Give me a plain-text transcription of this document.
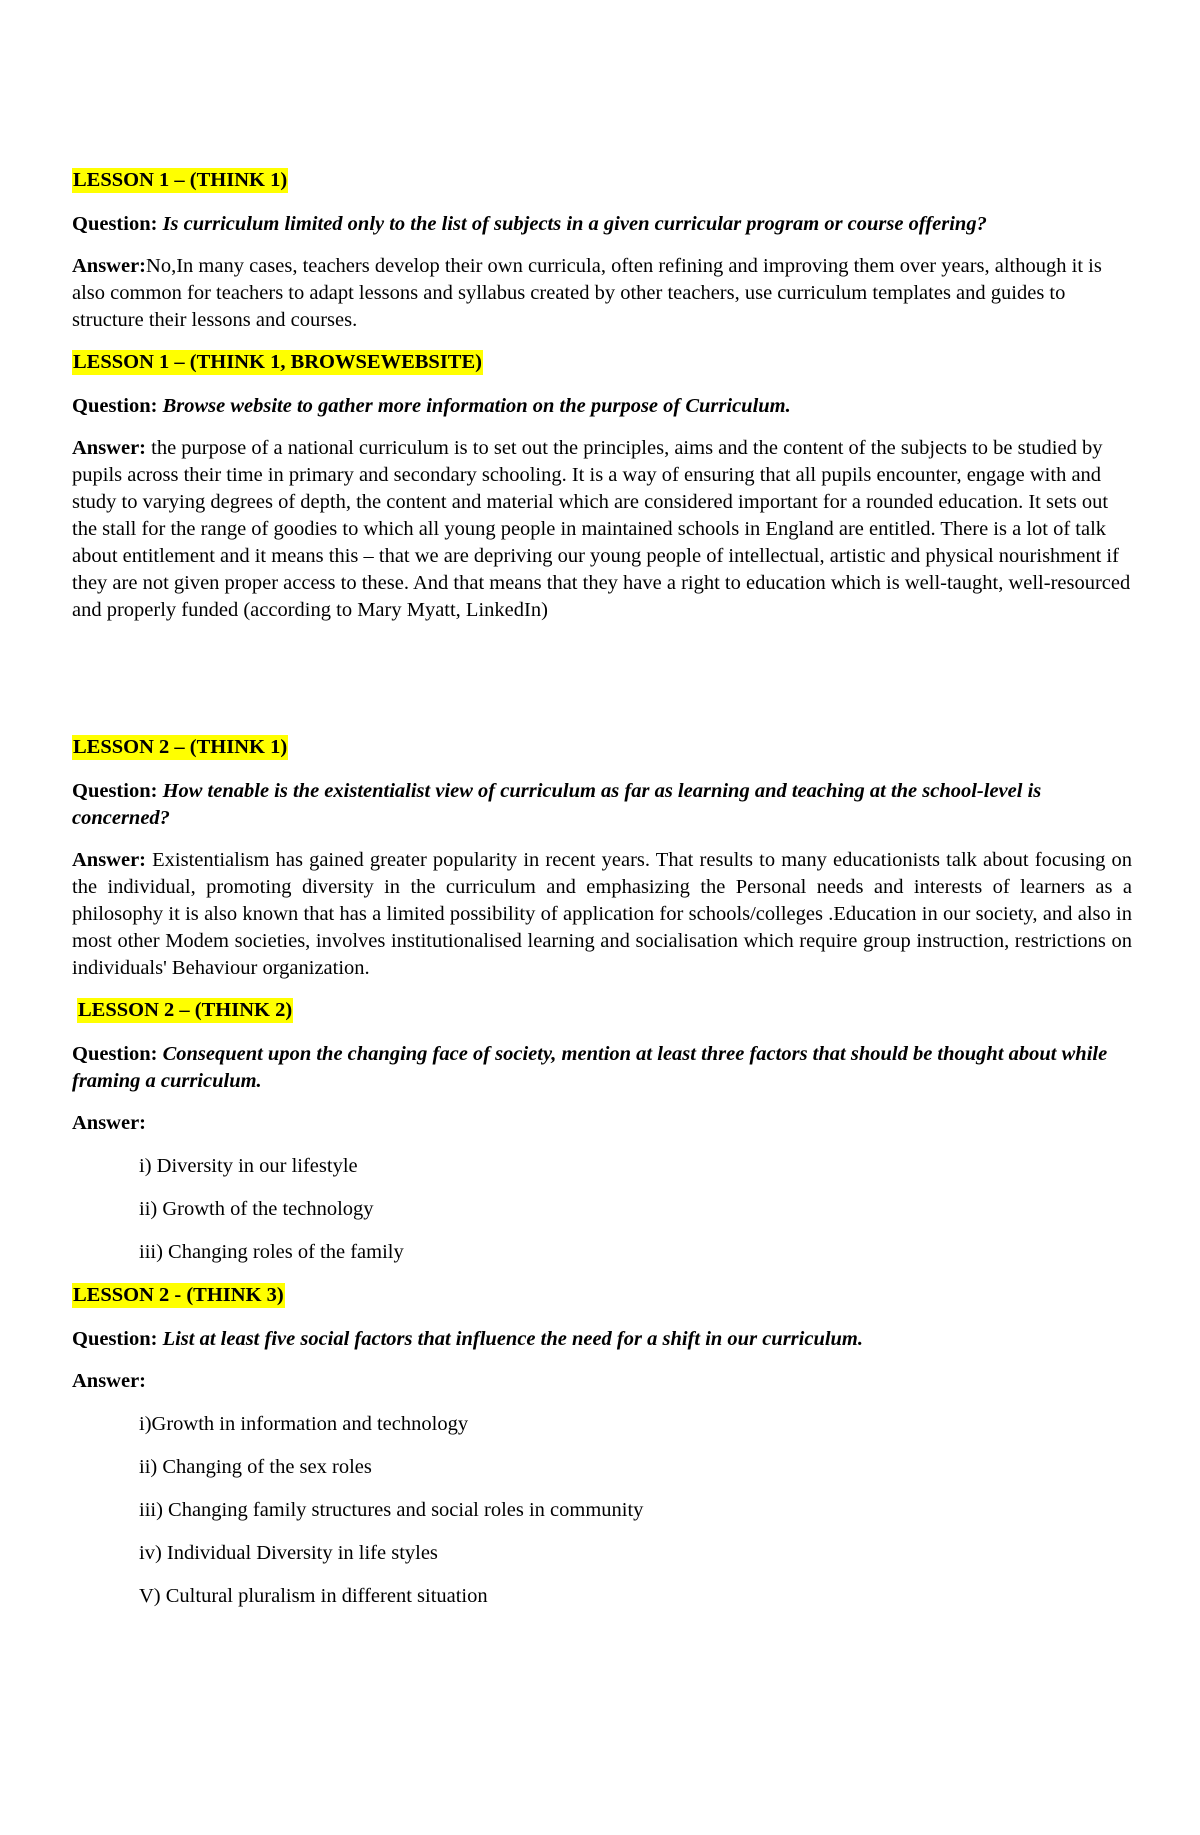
LESSON 1 – (THINK 1)

Question: Is curriculum limited only to the list of subjects in a given curricular program or course offering?

Answer:No,In many cases, teachers develop their own curricula, often refining and improving them over years, although it is also common for teachers to adapt lessons and syllabus created by other teachers, use curriculum templates and guides to structure their lessons and courses.

LESSON 1 – (THINK 1, BROWSEWEBSITE)

Question: Browse website to gather more information on the purpose of Curriculum.

Answer: the purpose of a national curriculum is to set out the principles, aims and the content of the subjects to be studied by pupils across their time in primary and secondary schooling. It is a way of ensuring that all pupils encounter, engage with and study to varying degrees of depth, the content and material which are considered important for a rounded education. It sets out the stall for the range of goodies to which all young people in maintained schools in England are entitled. There is a lot of talk about entitlement and it means this – that we are depriving our young people of intellectual, artistic and physical nourishment if they are not given proper access to these. And that means that they have a right to education which is well-taught, well-resourced and properly funded (according to Mary Myatt, LinkedIn)

LESSON 2 – (THINK 1)

Question: How tenable is the existentialist view of curriculum as far as learning and teaching at the school-level is concerned?

Answer: Existentialism has gained greater popularity in recent years. That results to many educationists talk about focusing on the individual, promoting diversity in the curriculum and emphasizing the Personal needs and interests of learners as a philosophy it is also known that has a limited possibility of application for schools/colleges .Education in our society, and also in most other Modem societies, involves institutionalised learning and socialisation which require group instruction, restrictions on individuals' Behaviour organization.

LESSON 2 – (THINK 2)

Question: Consequent upon the changing face of society, mention at least three factors that should be thought about while framing a curriculum.

Answer:

i) Diversity in our lifestyle
ii) Growth of the technology
iii) Changing roles of the family

LESSON 2 - (THINK 3)

Question: List at least five social factors that influence the need for a shift in our curriculum.

Answer:

i)Growth in information and technology
ii) Changing of the sex roles
iii) Changing family structures and social roles in community
iv) Individual Diversity in life styles
V) Cultural pluralism in different situation
